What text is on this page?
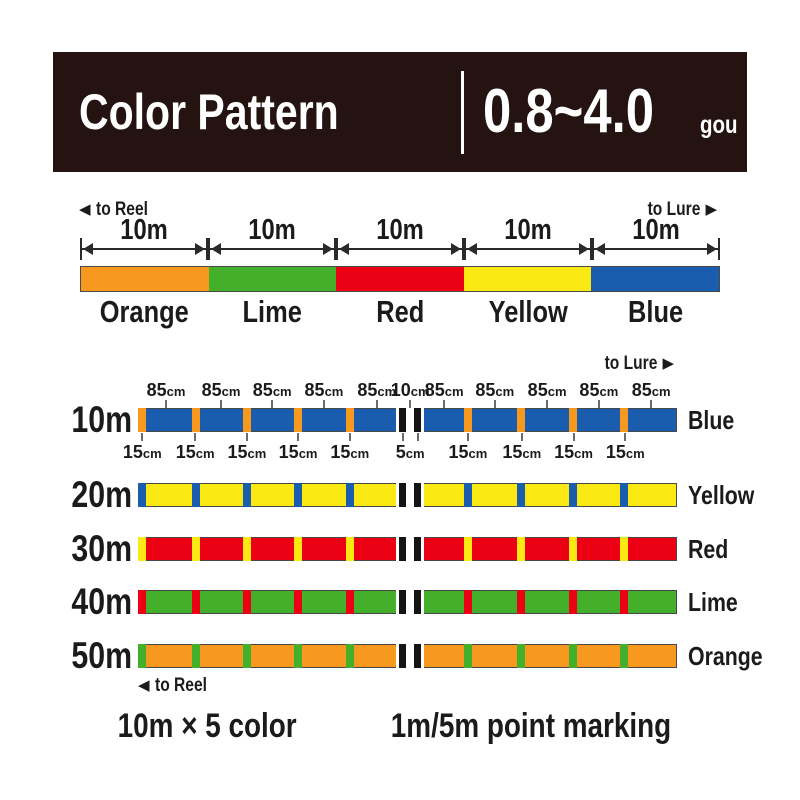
Color Pattern 0.8~4.0	gou
◀ to Reel	to Lure ▶
10m	10m	10m	10m	10m
Orange	Lime	Red	Yellow	Blue
to Lure ▶
◀ to Reel
10m	Blue
85cm 85cm 85cm 85cm 85cm
10cm
85cm 85cm 85cm 85cm 85cm
15cm 15cm 15cm 15cm 15cm 5cm 15cm 15cm 15cm 15cm
20m	Yellow
30m	Red
40m	Lime
50m	Orange
10m × 5 color	1m/5m point marking
